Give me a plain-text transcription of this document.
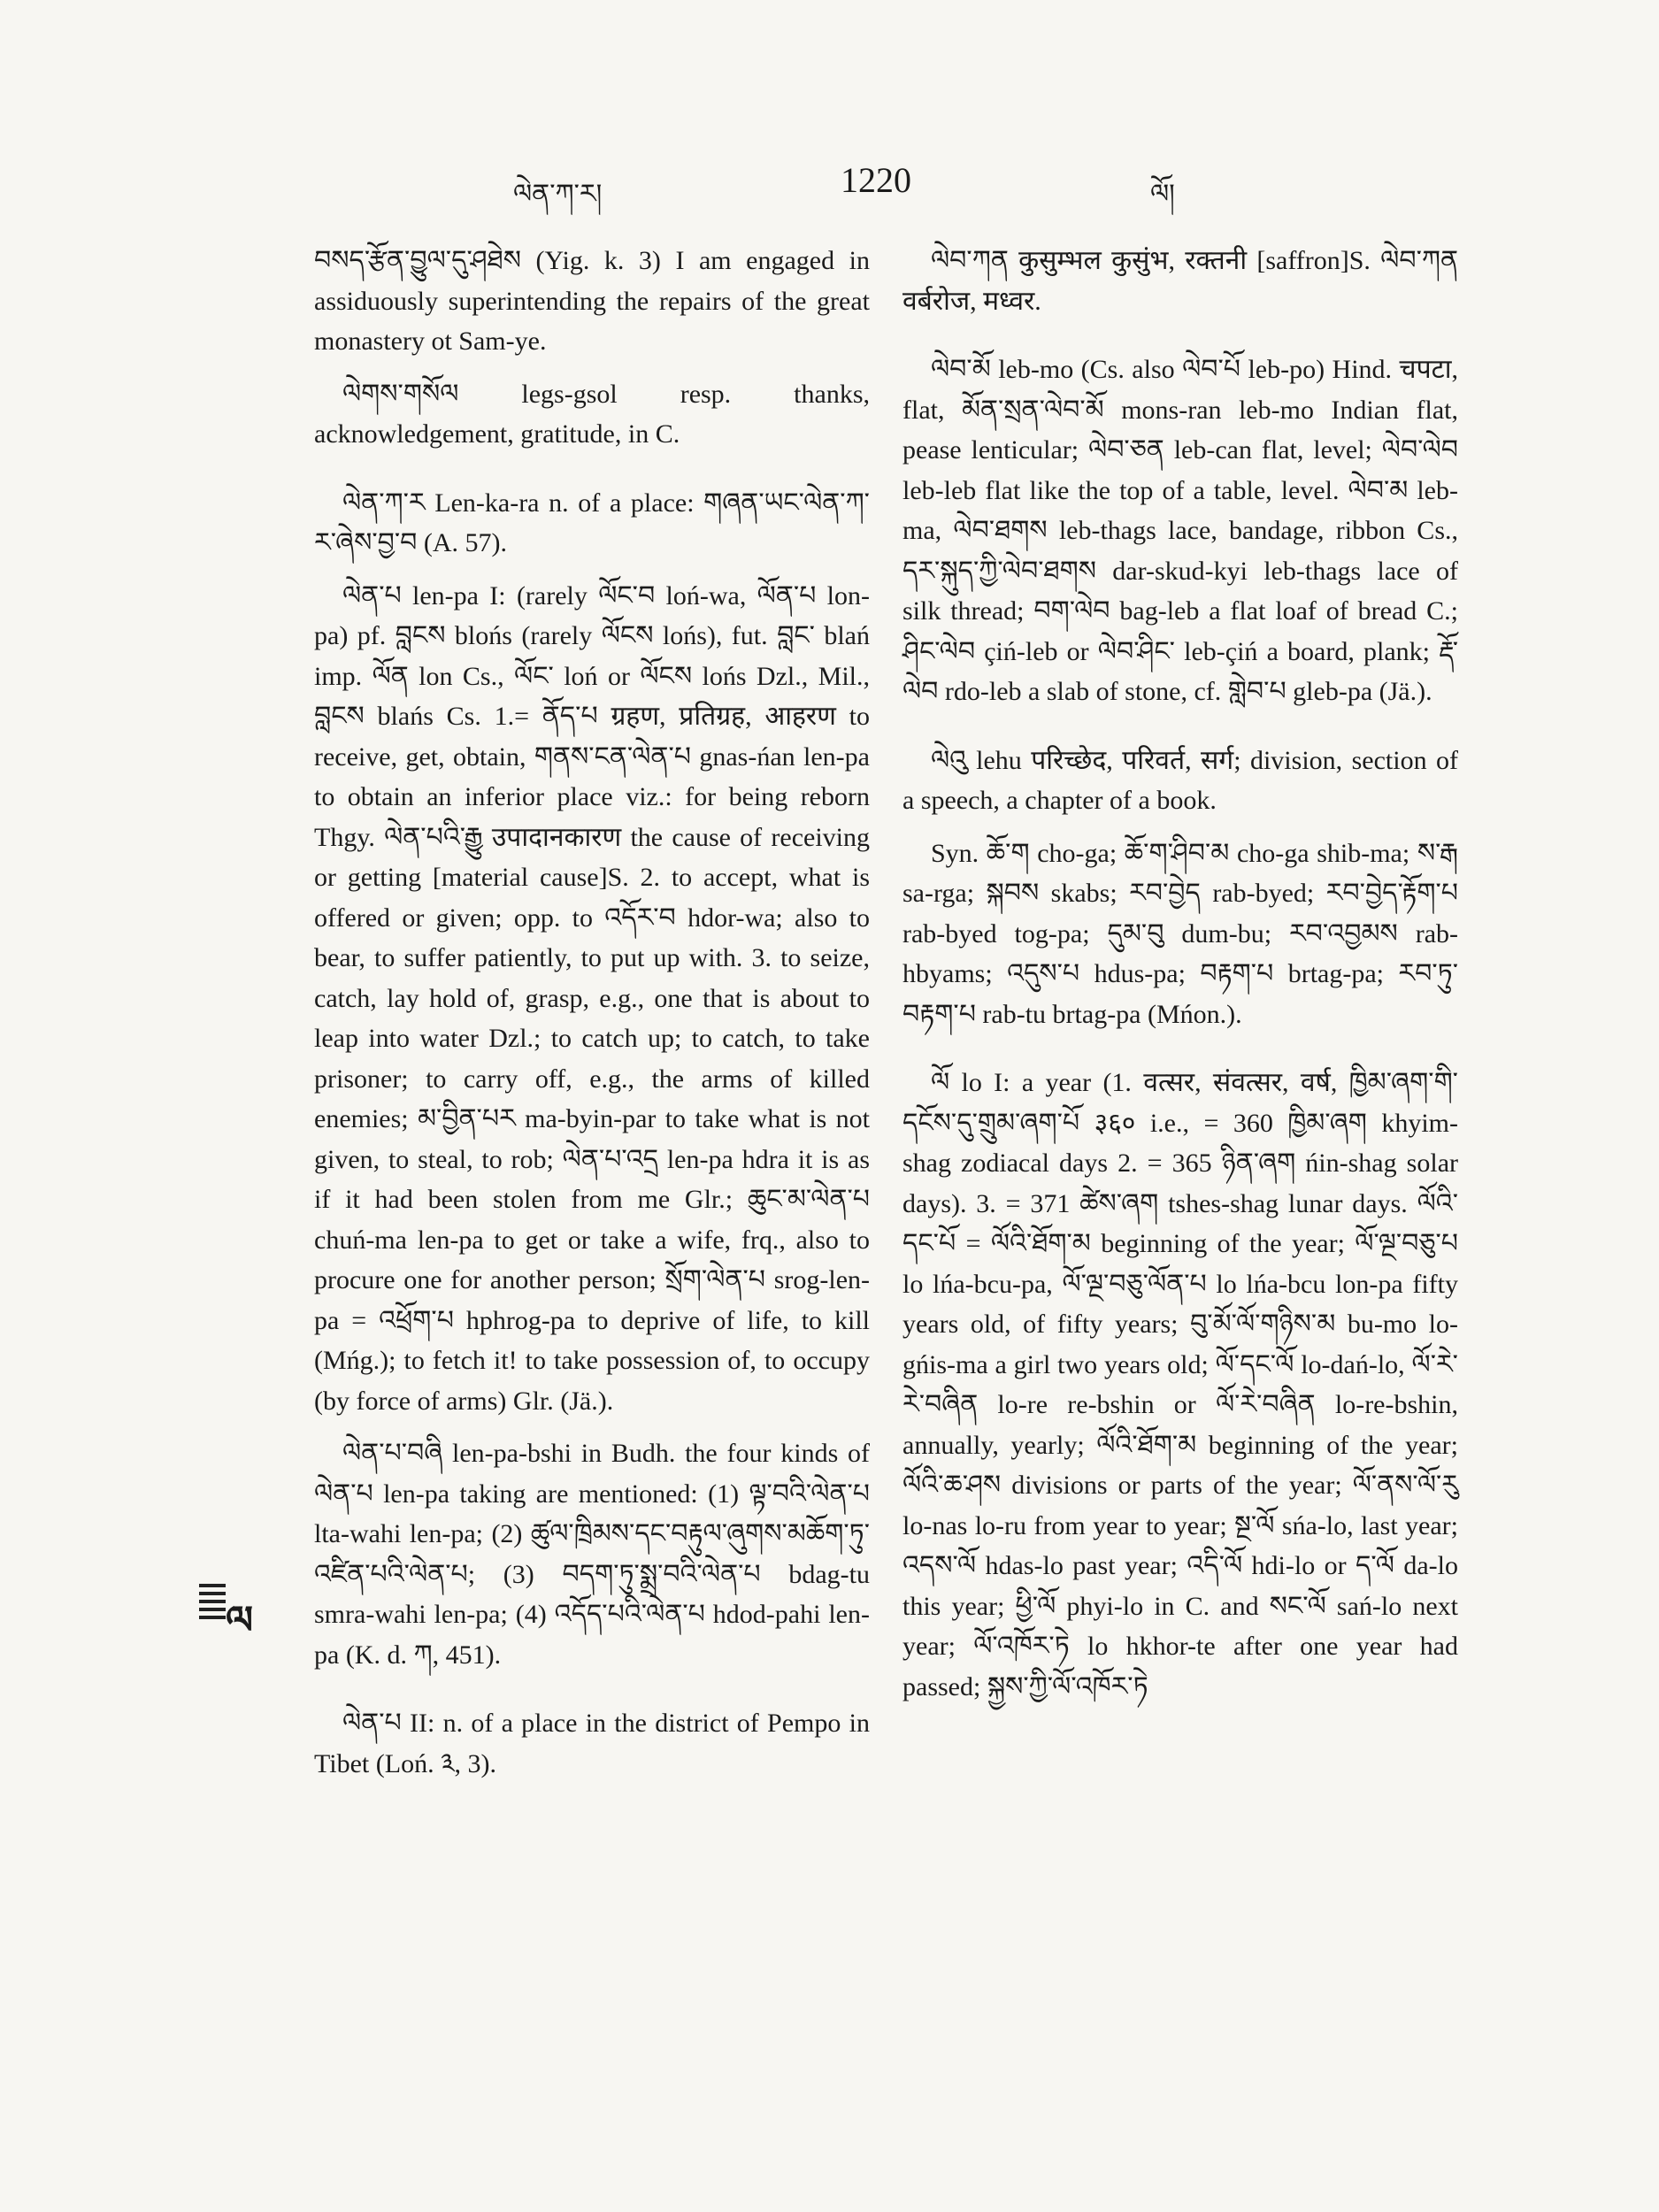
ལེན་ཀ་ར།	1220	ལོ།
ལ

བསད་རྩོན་བྱུལ་དུ་ཤཐེས (Yig. k. 3) I am engaged in assiduously superintending the repairs of the great monastery ot Sam-ye.

ལེགས་གསོལ legs-gsol resp. thanks, acknowledgement, gratitude, in C.

ལེན་ཀ་ར Len-ka-ra n. of a place: གཞན་ཡང་ལེན་ཀ་ར་ཞེས་བྱ་བ (A. 57).

ལེན་པ len-pa I: (rarely ལོང་བ loń-wa, ལོན་པ lon-pa) pf. བླངས blońs (rarely ལོངས lońs), fut. བླང་ blań imp. ལོན lon Cs., ལོང་ loń or ལོངས lońs Dzl., Mil., བླངས blańs Cs. 1.= ནོད་པ ग्रहण, प्रतिग्रह, आहरण to receive, get, obtain, གནས་ངན་ལེན་པ gnas-ńan len-pa to obtain an inferior place viz.: for being reborn Thgy. ལེན་པའི་རྒྱུ उपादानकारण the cause of receiving or getting [material cause]S. 2. to accept, what is offered or given; opp. to འདོར་བ hdor-wa; also to bear, to suffer patiently, to put up with. 3. to seize, catch, lay hold of, grasp, e.g., one that is about to leap into water Dzl.; to catch up; to catch, to take prisoner; to carry off, e.g., the arms of killed enemies; མ་བྱིན་པར ma-byin-par to take what is not given, to steal, to rob; ལེན་པ་འདྲ len-pa hdra it is as if it had been stolen from me Glr.; ཆུང་མ་ལེན་པ chuń-ma len-pa to get or take a wife, frq., also to procure one for another person; སྲོག་ལེན་པ srog-len-pa = འཕྲོག་པ hphrog-pa to deprive of life, to kill (Mńg.); to fetch it! to take possession of, to occupy (by force of arms) Glr. (Jä.).

ལེན་པ་བཞི len-pa-bshi in Budh. the four kinds of ལེན་པ len-pa taking are mentioned: (1) ལྟ་བའི་ལེན་པ lta-wahi len-pa; (2) ཚུལ་ཁྲིམས་དང་བརྟུལ་ཞུགས་མཆོག་ཏུ་འཛིན་པའི་ལེན་པ; (3) བདག་ཏུ་སྨྲ་བའི་ལེན་པ bdag-tu smra-wahi len-pa; (4) འདོད་པའི་ལེན་པ hdod-pahi len-pa (K. d. ཀ, 451).

ལེན་པ II: n. of a place in the district of Pempo in Tibet (Loń. ༣, 3).

ལེབ་ཀན कुसुम्भल कुसुंभ, रक्तनी [saffron]S. ལེབ་ཀན वर्बरोज, मध्वर.

ལེབ་མོ leb-mo (Cs. also ལེབ་པོ leb-po) Hind. चपटा, flat, མོན་སྲན་ལེབ་མོ mons-ran leb-mo Indian flat, pease lenticular; ལེབ་ཅན leb-can flat, level; ལེབ་ལེབ leb-leb flat like the top of a table, level. ལེབ་མ leb-ma, ལེབ་ཐགས leb-thags lace, bandage, ribbon Cs., དར་སྐུད་ཀྱི་ལེབ་ཐགས dar-skud-kyi leb-thags lace of silk thread; བག་ལེབ bag-leb a flat loaf of bread C.; ཤིང་ལེབ çiń-leb or ལེབ་ཤིང་ leb-çiń a board, plank; རྡོ་ལེབ rdo-leb a slab of stone, cf. གླེབ་པ gleb-pa (Jä.).

ལེའུ lehu परिच्छेद, परिवर्त, सर्ग; division, section of a speech, a chapter of a book.

Syn. ཆོ་ག cho-ga; ཆོ་ག་ཤིབ་མ cho-ga shib-ma; ས་རྒ sa-rga; སྐབས skabs; རབ་བྱེད rab-byed; རབ་བྱེད་རྟོག་པ rab-byed tog-pa; དུམ་བུ dum-bu; རབ་འབྱམས rab-hbyams; འདུས་པ hdus-pa; བརྟག་པ brtag-pa; རབ་ཏུ་བརྟག་པ rab-tu brtag-pa (Mńon.).

ལོ lo I: a year (1. वत्सर, संवत्सर, वर्ष, ཁྱིམ་ཞག་གི་དངོས་དུ་གྲུམ་ཞག་པོ ३६० i.e., = 360 ཁྱིམ་ཞག khyim-shag zodiacal days 2. = 365 ཉིན་ཞག ńin-shag solar days). 3. = 371 ཚེས་ཞག tshes-shag lunar days. ལོའི་དང་པོ = ལོའི་ཐོག་མ beginning of the year; ལོ་ལྔ་བཅུ་པ lo lńa-bcu-pa, ལོ་ལྔ་བཅུ་ལོན་པ lo lńa-bcu lon-pa fifty years old, of fifty years; བུ་མོ་ལོ་གཉིས་མ bu-mo lo-gńis-ma a girl two years old; ལོ་དང་ལོ lo-dań-lo, ལོ་རེ་རེ་བཞིན lo-re re-bshin or ལོ་རེ་བཞིན lo-re-bshin, annually, yearly; ལོའི་ཐོག་མ beginning of the year; ལོའི་ཆ་ཤས divisions or parts of the year; ལོ་ནས་ལོ་རུ lo-nas lo-ru from year to year; སྔ་ལོ sńa-lo, last year; འདས་ལོ hdas-lo past year; འདི་ལོ hdi-lo or ད་ལོ da-lo this year; ཕྱི་ལོ phyi-lo in C. and སང་ལོ sań-lo next year; ལོ་འཁོར་ཏེ lo hkhor-te after one year had passed; སྐྱས་ཀྱི་ལོ་འཁོར་ཏེ
